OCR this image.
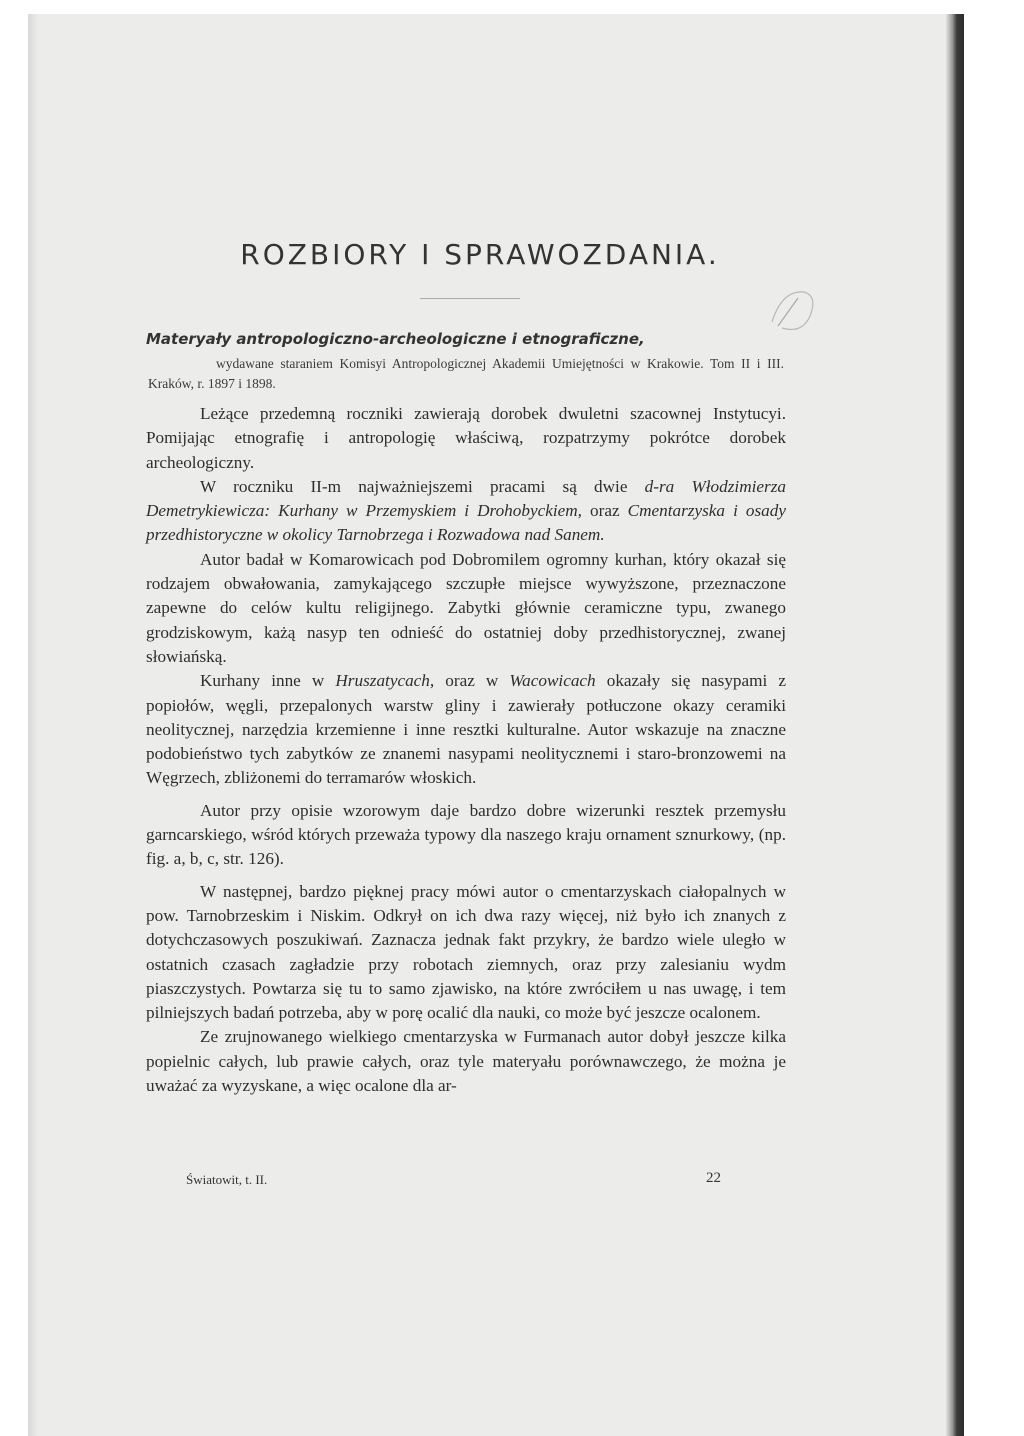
ROZBIORY I SPRAWOZDANIA.
Materyały antropologiczno-archeologiczne i etnograficzne,
wydawane staraniem Komisyi Antropologicznej Akademii Umiejętności w Krakowie. Tom II i III. Kraków, r. 1897 i 1898.

Leżące przedemną roczniki zawierają dorobek dwuletni szacownej Instytucyi. Pomijając etnografię i antropologię właściwą, rozpatrzymy pokrótce dorobek archeologiczny.

W roczniku II-m najważniejszemi pracami są dwie d-ra Włodzimierza Demetrykiewicza: Kurhany w Przemyskiem i Drohobyckiem, oraz Cmentarzyska i osady przedhistoryczne w okolicy Tarnobrzega i Rozwadowa nad Sanem.

Autor badał w Komarowicach pod Dobromilem ogromny kurhan, który okazał się rodzajem obwałowania, zamykającego szczupłe miejsce wywyższone, przeznaczone zapewne do celów kultu religijnego. Zabytki głównie ceramiczne typu, zwanego grodziskowym, każą nasyp ten odnieść do ostatniej doby przedhistorycznej, zwanej słowiańską.

Kurhany inne w Hruszatycach, oraz w Wacowicach okazały się nasypami z popiołów, węgli, przepalonych warstw gliny i zawierały potłuczone okazy ceramiki neolitycznej, narzędzia krzemienne i inne resztki kulturalne. Autor wskazuje na znaczne podobieństwo tych zabytków ze znanemi nasypami neolitycznemi i staro-bronzowemi na Węgrzech, zbliżonemi do terramarów włoskich.

Autor przy opisie wzorowym daje bardzo dobre wizerunki resztek przemysłu garncarskiego, wśród których przeważa typowy dla naszego kraju ornament sznurkowy, (np. fig. a, b, c, str. 126).

W następnej, bardzo pięknej pracy mówi autor o cmentarzyskach ciałopalnych w pow. Tarnobrzeskim i Niskim. Odkrył on ich dwa razy więcej, niż było ich znanych z dotychczasowych poszukiwań. Zaznacza jednak fakt przykry, że bardzo wiele uległo w ostatnich czasach zagładzie przy robotach ziemnych, oraz przy zalesianiu wydm piaszczystych. Powtarza się tu to samo zjawisko, na które zwróciłem u nas uwagę, i tem pilniejszych badań potrzeba, aby w porę ocalić dla nauki, co może być jeszcze ocalonem.

Ze zrujnowanego wielkiego cmentarzyska w Furmanach autor dobył jeszcze kilka popielnic całych, lub prawie całych, oraz tyle materyału porównawczego, że można je uważać za wyzyskane, a więc ocalone dla ar-

Światowit, t. II.	22
